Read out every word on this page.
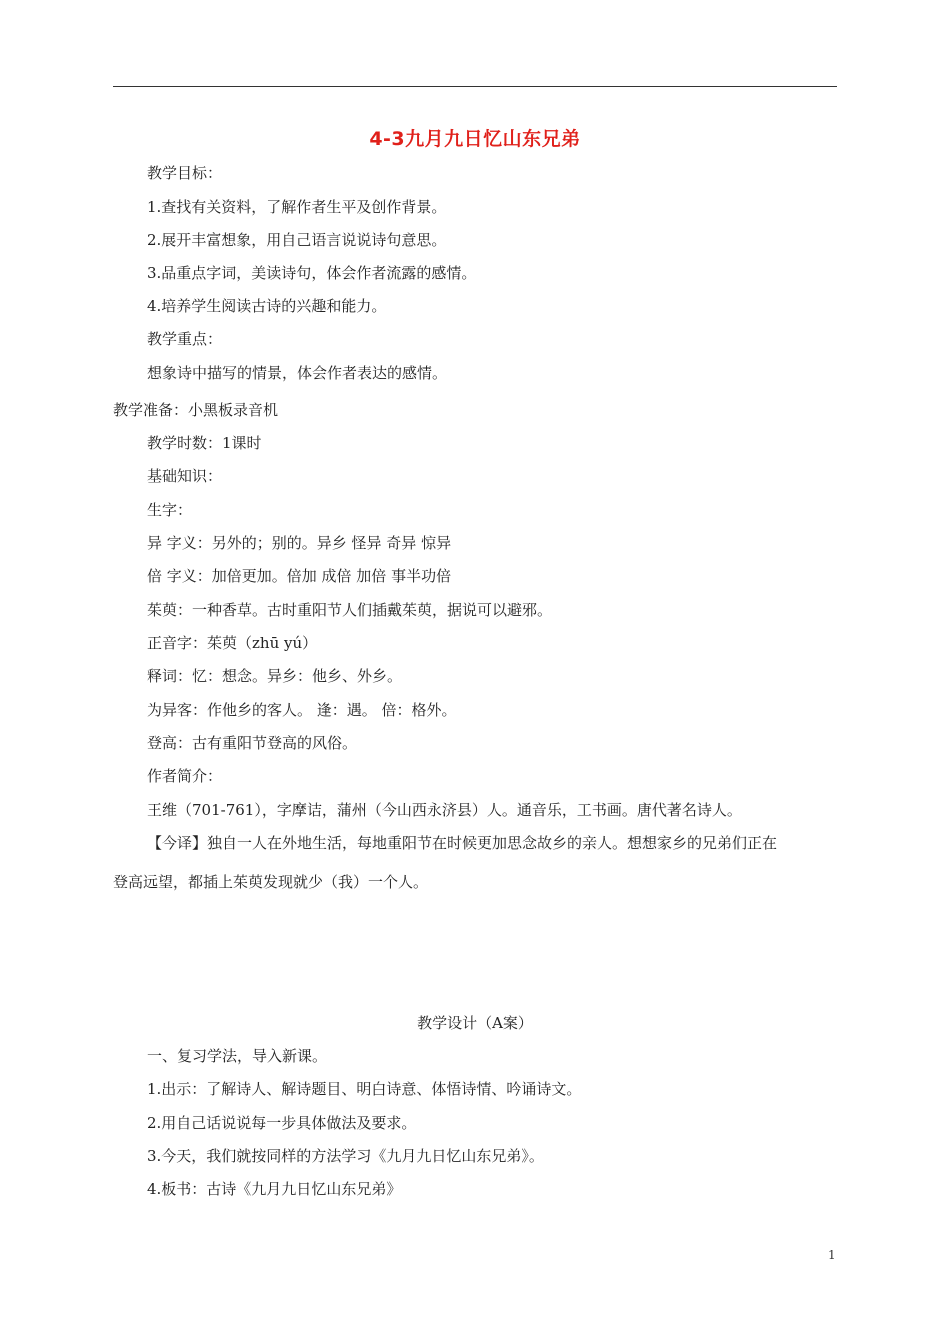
4-3九月九日忆山东兄弟
教学目标：
1.查找有关资料，了解作者生平及创作背景。
2.展开丰富想象，用自己语言说说诗句意思。
3.品重点字词，美读诗句，体会作者流露的感情。
4.培养学生阅读古诗的兴趣和能力。
教学重点：
想象诗中描写的情景，体会作者表达的感情。
教学准备：小黑板录音机
教学时数：1课时
基础知识：
生字：
异 字义：另外的；别的。异乡 怪异 奇异 惊异
倍 字义：加倍更加。倍加 成倍 加倍 事半功倍
茱萸：一种香草。古时重阳节人们插戴茱萸，据说可以避邪。
正音字：茱萸（zhū yú）
释词：忆：想念。异乡：他乡、外乡。
为异客：作他乡的客人。 逢：遇。 倍：格外。
登高：古有重阳节登高的风俗。
作者简介：
王维（701-761），字摩诘，蒲州（今山西永济县）人。通音乐，工书画。唐代著名诗人。
【今译】独自一人在外地生活，每地重阳节在时候更加思念故乡的亲人。想想家乡的兄弟们正在
登高远望，都插上茱萸发现就少（我）一个人。
教学设计（A案）
一、复习学法，导入新课。
1.出示：了解诗人、解诗题目、明白诗意、体悟诗情、吟诵诗文。
2.用自己话说说每一步具体做法及要求。
3.今天，我们就按同样的方法学习《九月九日忆山东兄弟》。
4.板书：古诗《九月九日忆山东兄弟》
1
